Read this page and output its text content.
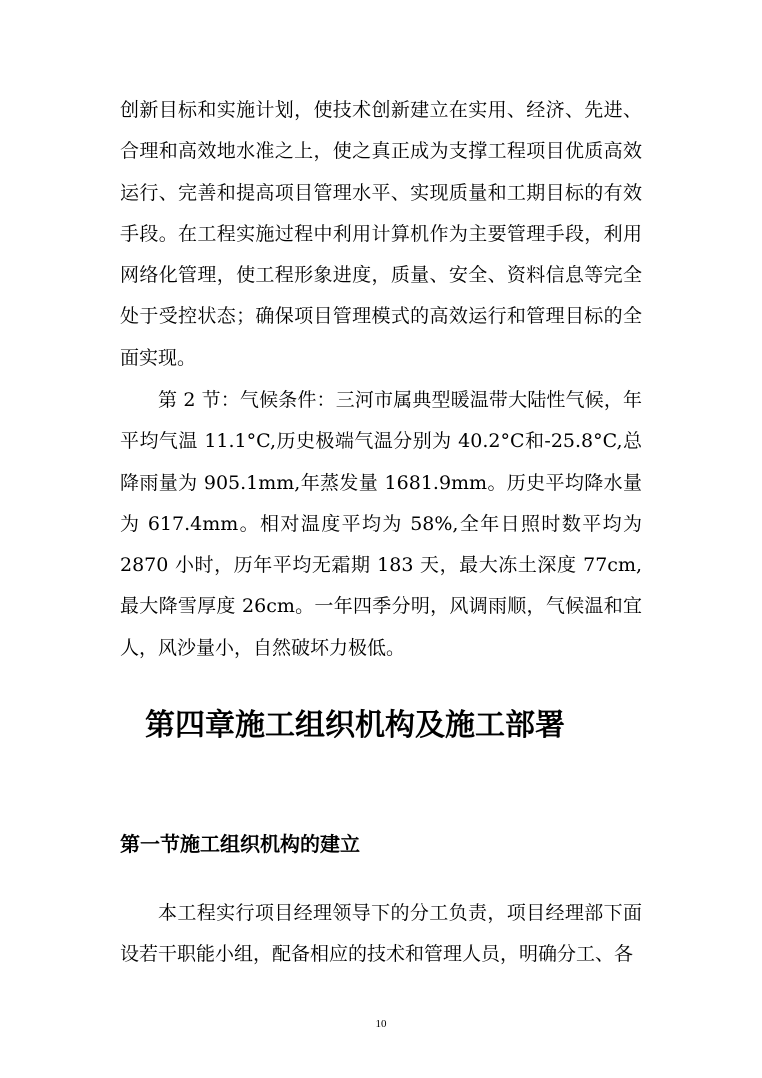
创新目标和实施计划，使技术创新建立在实用、经济、先进、合理和高效地水准之上，使之真正成为支撑工程项目优质高效运行、完善和提高项目管理水平、实现质量和工期目标的有效手段。在工程实施过程中利用计算机作为主要管理手段，利用网络化管理，使工程形象进度，质量、安全、资料信息等完全处于受控状态；确保项目管理模式的高效运行和管理目标的全面实现。

第 2 节：气候条件：三河市属典型暖温带大陆性气候，年平均气温 11.1°C,历史极端气温分别为 40.2°C和-25.8°C,总降雨量为 905.1mm,年蒸发量 1681.9mm。历史平均降水量为 617.4mm。相对温度平均为 58%,全年日照时数平均为 2870 小时，历年平均无霜期 183 天，最大冻土深度 77cm,最大降雪厚度 26cm。一年四季分明，风调雨顺，气候温和宜人，风沙量小，自然破坏力极低。

第四章施工组织机构及施工部署
第一节施工组织机构的建立

本工程实行项目经理领导下的分工负责，项目经理部下面设若干职能小组，配备相应的技术和管理人员，明确分工、各

10
